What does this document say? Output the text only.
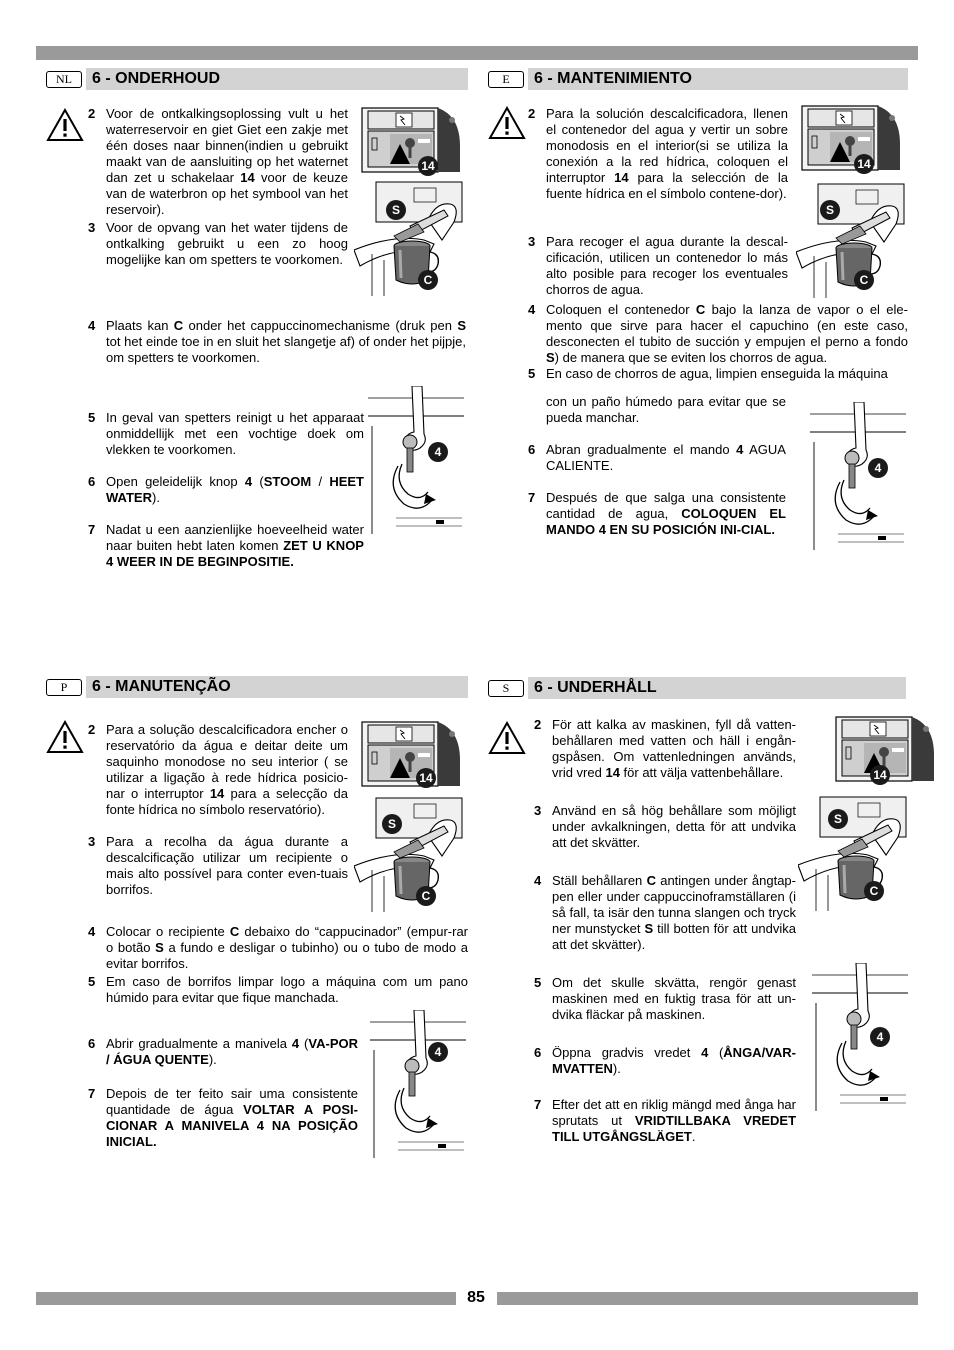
NL	6 - ONDERHOUD
2 Voor de ontkalkingsoplossing vult u het waterreservoir en giet Giet een zakje met één doses naar binnen(indien u gebruikt maakt van de aansluiting op het waternet dan zet u schakelaar 14 voor de keuze van de waterbron op het symbool van het reservoir).
3 Voor de opvang van het water tijdens de ontkalking gebruikt u een zo hoog mogelijke kan om spetters te voorkomen.
4 Plaats kan C onder het cappuccinomechanisme (druk pen S tot het einde toe in en sluit het slangetje af) of onder het pijpje, om spetters te voorkomen.
5 In geval van spetters reinigt u het apparaat onmiddellijk met een vochtige doek om vlekken te voorkomen.
6 Open geleidelijk knop 4 (STOOM / HEET WATER).
7 Nadat u een aanzienlijke hoeveelheid water naar buiten hebt laten komen ZET U KNOP 4 WEER IN DE BEGINPOSITIE.
14
S
C
4
E	6 - MANTENIMIENTO
2 Para la solución descalcificadora, llenen el contenedor del agua y vertir un sobre monodosis en el interior(si se utiliza la conexión a la red hídrica, coloquen el interruptor 14 para la selección de la fuente hídrica en el símbolo contene-dor).
3 Para recoger el agua durante la descal-cificación, utilicen un contenedor lo más alto posible para recoger los eventuales chorros de agua.
4 Coloquen el contenedor C bajo la lanza de vapor o el ele-mento que sirve para hacer el capuchino (en este caso, desconecten el tubito de succión y empujen el perno a fondo S) de manera que se eviten los chorros de agua.
5 En caso de chorros de agua, limpien enseguida la máquina
con un paño húmedo para evitar que se pueda manchar.
6 Abran gradualmente el mando 4 AGUA CALIENTE.
7 Después de que salga una consistente cantidad de agua, COLOQUEN EL MANDO 4 EN SU POSICIÓN INI-CIAL.
14
S
C
4
P	6 - MANUTENÇÃO
2 Para a solução descalcificadora encher o reservatório da água e deitar deite um saquinho monodose no seu interior ( se utilizar a ligação à rede hídrica posicio-nar o interruptor 14 para a selecção da fonte hídrica no símbolo reservatório).
3 Para a recolha da água durante a descalcificação utilizar um recipiente o mais alto possível para conter even-tuais borrifos.
4 Colocar o recipiente C debaixo do “cappucinador” (empur-rar o botão S a fundo e desligar o tubinho) ou o tubo de modo a evitar borrifos.
5 Em caso de borrifos limpar logo a máquina com um pano húmido para evitar que fique manchada.
6 Abrir gradualmente a manivela 4 (VA-POR / ÁGUA QUENTE).
7 Depois de ter feito sair uma consistente quantidade de água VOLTAR A POSI-CIONAR A MANIVELA 4 NA POSIÇÃO INICIAL.
14
S
C
4
S	6 - UNDERHÅLL
2 För att kalka av maskinen, fyll då vatten-behållaren med vatten och häll i engån-gspåsen. Om vattenledningen används, vrid vred 14 för att välja vattenbehållare.
3 Använd en så hög behållare som möjligt under avkalkningen, detta för att undvika att det skvätter.
4 Ställ behållaren C antingen under ångtap-pen eller under cappuccinoframställaren (i så fall, ta isär den tunna slangen och tryck ner munstycket S till botten för att undvika att det skvätter).
5 Om det skulle skvätta, rengör genast maskinen med en fuktig trasa för att un-dvika fläckar på maskinen.
6 Öppna gradvis vredet 4 (ÅNGA/VAR-MVATTEN).
7 Efter det att en riklig mängd med ånga har sprutats ut VRIDTILLBAKA VREDET TILL UTGÅNGSLÄGET.
14
S
C
4
85
